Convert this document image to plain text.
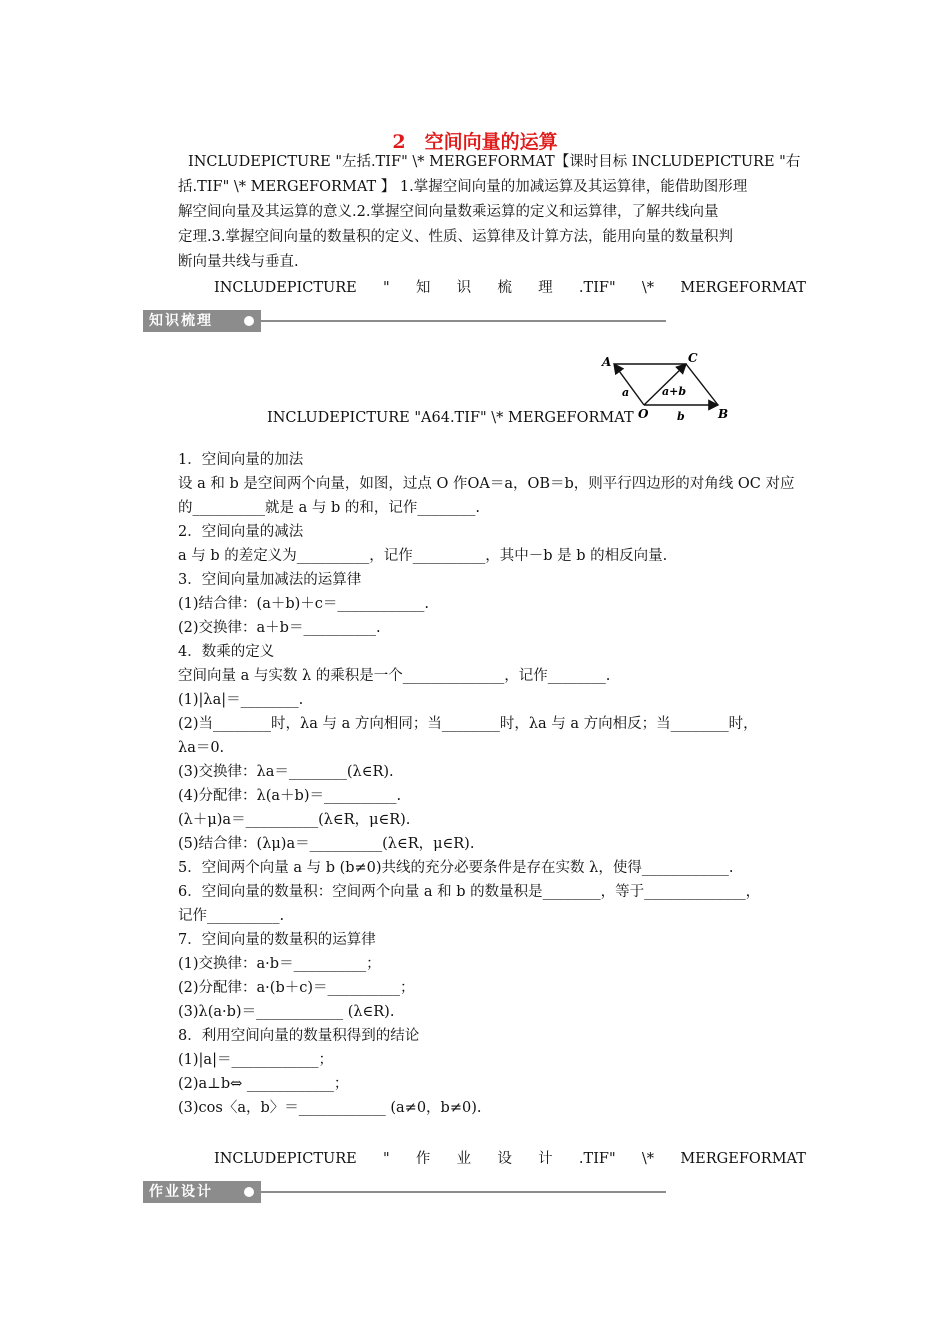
2　空间向量的运算
INCLUDEPICTURE "左括.TIF" \* MERGEFORMAT【课时目标 INCLUDEPICTURE "右
括.TIF" \* MERGEFORMAT 】 1.掌握空间向量的加减运算及其运算律，能借助图形理
解空间向量及其运算的意义.2.掌握空间向量数乘运算的定义和运算律，了解共线向量
定理.3.掌握空间向量的数量积的定义、性质、运算律及计算方法，能用向量的数量积判
断向量共线与垂直.
INCLUDEPICTURE " 知 识 梳 理 .TIF" \* MERGEFORMAT
知识梳理
A	C
O	B
a
b
a+b
INCLUDEPICTURE "A64.TIF" \* MERGEFORMAT
1．空间向量的加法
设 a 和 b 是空间两个向量，如图，过点 O 作OA＝a，OB＝b，则平行四边形的对角线 OC 对应
的__________就是 a 与 b 的和，记作________.
2．空间向量的减法
a 与 b 的差定义为__________，记作__________，其中－b 是 b 的相反向量.
3．空间向量加减法的运算律
(1)结合律：(a＋b)＋c＝____________.
(2)交换律：a＋b＝__________.
4．数乘的定义
空间向量 a 与实数 λ 的乘积是一个______________，记作________.
(1)|λa|＝________.
(2)当________时，λa 与 a 方向相同；当________时，λa 与 a 方向相反；当________时，
λa＝0.
(3)交换律：λa＝________(λ∈R).
(4)分配律：λ(a＋b)＝__________.
(λ＋μ)a＝__________(λ∈R，μ∈R).
(5)结合律：(λμ)a＝__________(λ∈R，μ∈R).
5．空间两个向量 a 与 b (b≠0)共线的充分必要条件是存在实数 λ，使得____________.
6．空间向量的数量积：空间两个向量 a 和 b 的数量积是________，等于______________，
记作__________.
7．空间向量的数量积的运算律
(1)交换律：a·b＝__________；
(2)分配律：a·(b＋c)＝__________；
(3)λ(a·b)＝____________ (λ∈R).
8．利用空间向量的数量积得到的结论
(1)|a|＝____________；
(2)a⊥b⇔ ____________；
(3)cos〈a，b〉＝____________ (a≠0，b≠0).
INCLUDEPICTURE " 作 业 设 计 .TIF" \* MERGEFORMAT
作业设计
